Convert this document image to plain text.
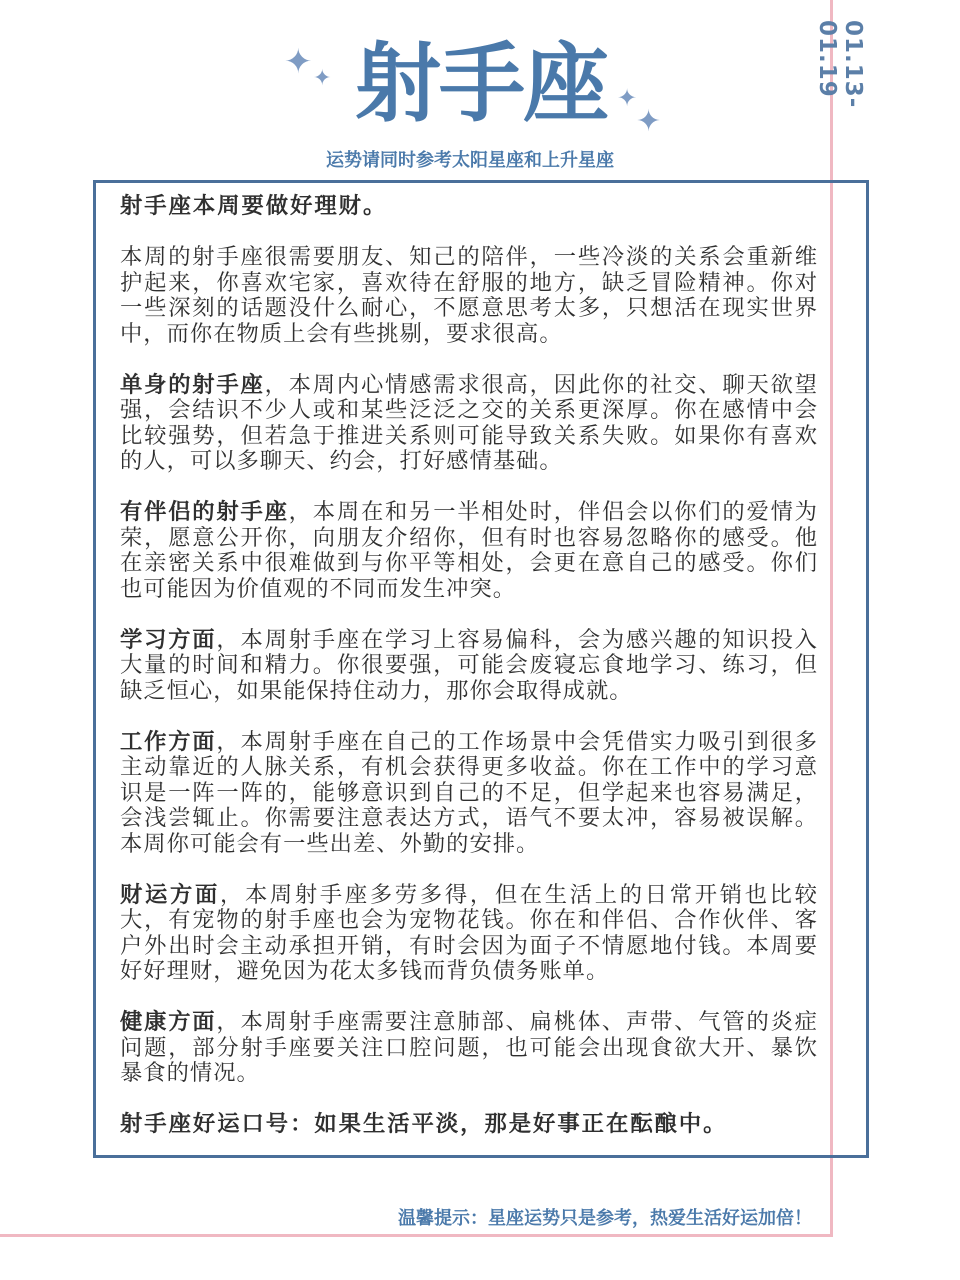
01.13-01.19
✦ ✦ 射手座 ✦
✦
运势请同时参考太阳星座和上升星座

射手座本周要做好理财。

本周的射手座很需要朋友、知己的陪伴，一些冷淡的关系会重新维护起来，你喜欢宅家，喜欢待在舒服的地方，缺乏冒险精神。你对一些深刻的话题没什么耐心，不愿意思考太多，只想活在现实世界中，而你在物质上会有些挑剔，要求很高。

单身的射手座，本周内心情感需求很高，因此你的社交、聊天欲望强，会结识不少人或和某些泛泛之交的关系更深厚。你在感情中会比较强势，但若急于推进关系则可能导致关系失败。如果你有喜欢的人，可以多聊天、约会，打好感情基础。

有伴侣的射手座，本周在和另一半相处时，伴侣会以你们的爱情为荣，愿意公开你，向朋友介绍你，但有时也容易忽略你的感受。他在亲密关系中很难做到与你平等相处，会更在意自己的感受。你们也可能因为价值观的不同而发生冲突。

学习方面，本周射手座在学习上容易偏科，会为感兴趣的知识投入大量的时间和精力。你很要强，可能会废寝忘食地学习、练习，但缺乏恒心，如果能保持住动力，那你会取得成就。

工作方面，本周射手座在自己的工作场景中会凭借实力吸引到很多主动靠近的人脉关系，有机会获得更多收益。你在工作中的学习意识是一阵一阵的，能够意识到自己的不足，但学起来也容易满足，会浅尝辄止。你需要注意表达方式，语气不要太冲，容易被误解。本周你可能会有一些出差、外勤的安排。

财运方面，本周射手座多劳多得，但在生活上的日常开销也比较大，有宠物的射手座也会为宠物花钱。你在和伴侣、合作伙伴、客户外出时会主动承担开销，有时会因为面子不情愿地付钱。本周要好好理财，避免因为花太多钱而背负债务账单。

健康方面，本周射手座需要注意肺部、扁桃体、声带、气管的炎症问题，部分射手座要关注口腔问题，也可能会出现食欲大开、暴饮暴食的情况。

射手座好运口号：如果生活平淡，那是好事正在酝酿中。

温馨提示：星座运势只是参考，热爱生活好运加倍！
